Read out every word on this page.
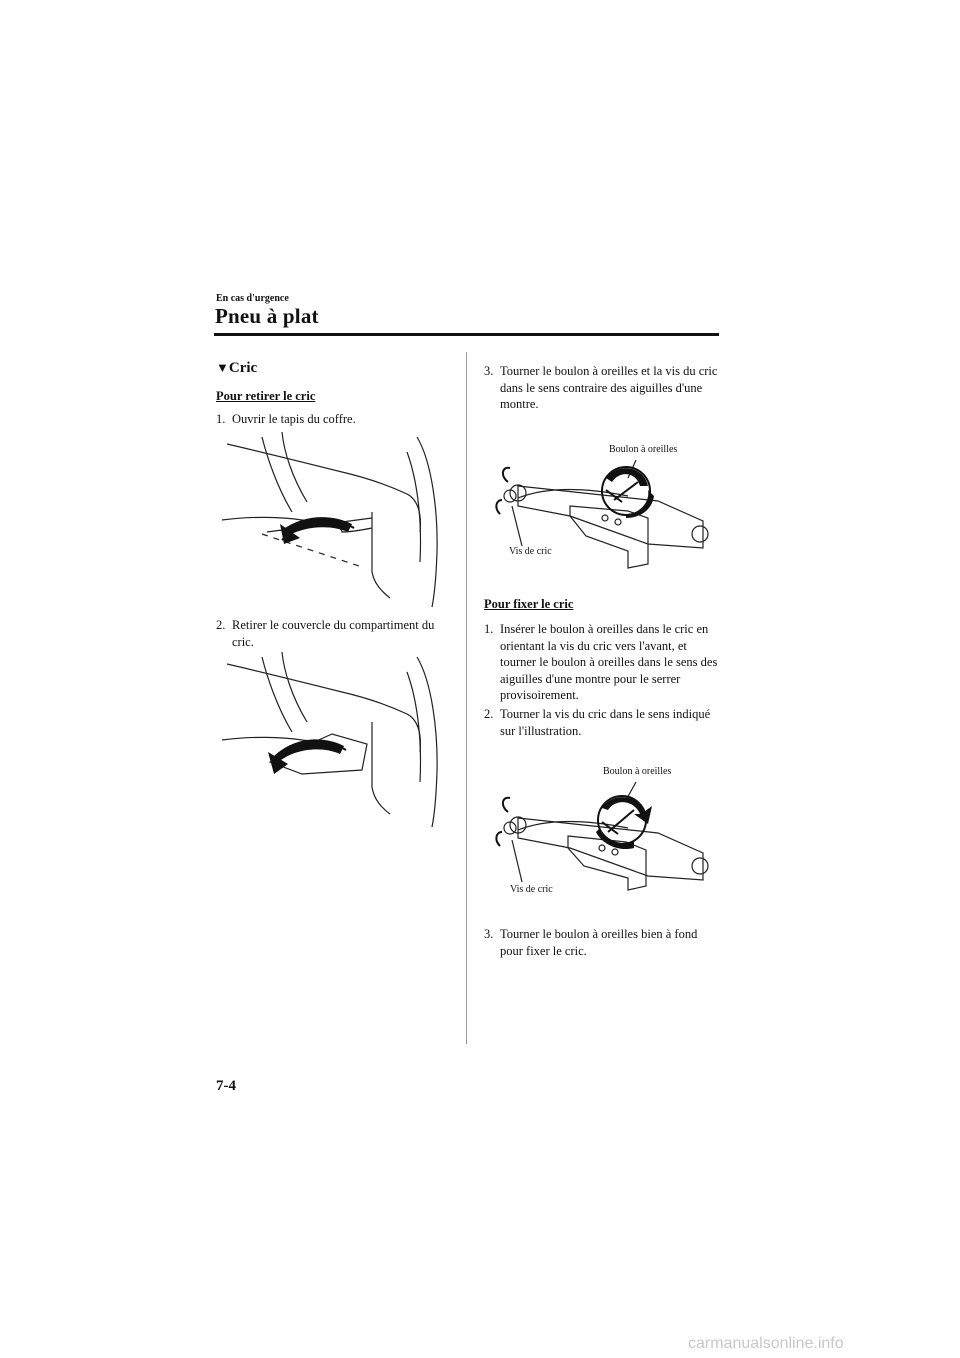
En cas d'urgence
Pneu à plat
▼Cric
Pour retirer le cric
1. Ouvrir le tapis du coffre.
2. Retirer le couvercle du compartiment du cric.
3. Tourner le boulon à oreilles et la vis du cric dans le sens contraire des aiguilles d'une montre.
Boulon à oreilles
Vis de cric
Pour fixer le cric
1. Insérer le boulon à oreilles dans le cric en orientant la vis du cric vers l'avant, et tourner le boulon à oreilles dans le sens des aiguilles d'une montre pour le serrer provisoirement.
2. Tourner la vis du cric dans le sens indiqué sur l'illustration.
Boulon à oreilles
Vis de cric
3. Tourner le boulon à oreilles bien à fond pour fixer le cric.
7-4
carmanualsonline.info
